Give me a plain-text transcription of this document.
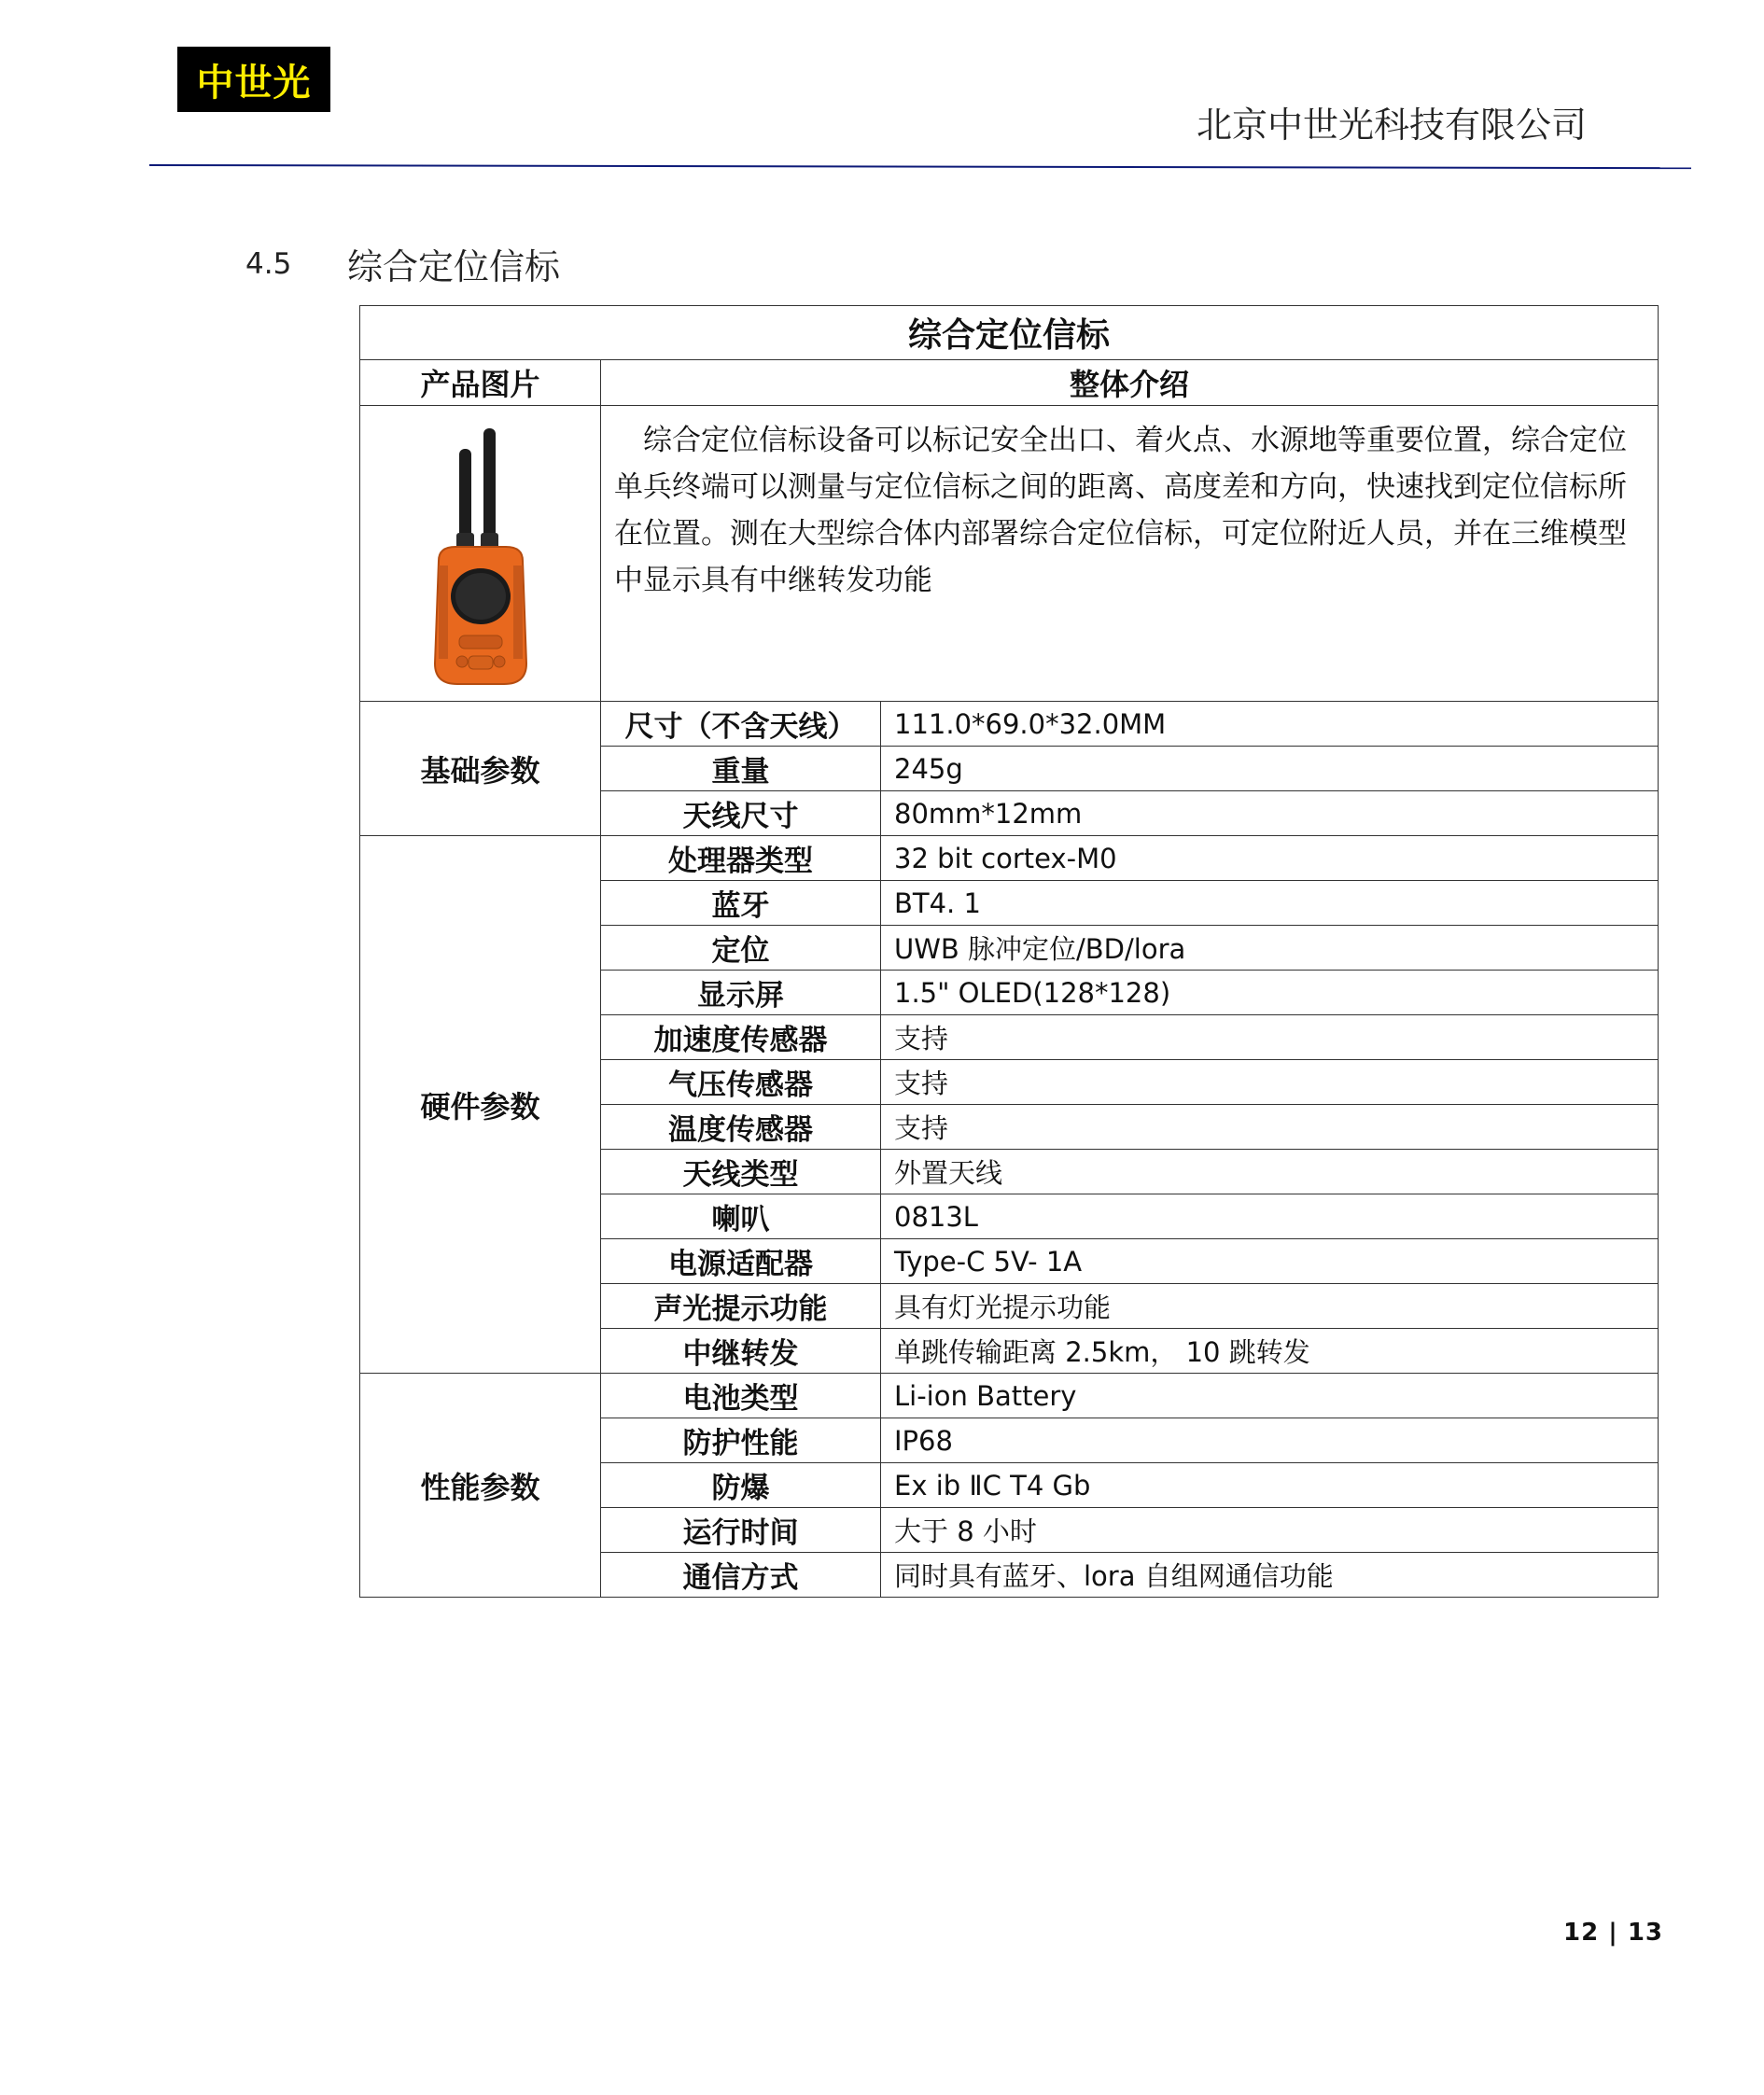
中世光
北京中世光科技有限公司
4.5 综合定位信标
综合定位信标		
产品图片	整体介绍	

综合定位信标设备可以标记安全出口、着火点、水源地等重要位置，综合定位单兵终端可以测量与定位信标之间的距离、高度差和方向，快速找到定位信标所在位置。测在大型综合体内部署综合定位信标，可定位附近人员，并在三维模型中显示具有中继转发功能	

基础参数	尺寸（不含天线）	111.0*69.0*32.0MM
	重量	245g
	天线尺寸	80mm*12mm
硬件参数	处理器类型	32 bit cortex-M0
	蓝牙	BT4. 1
	定位	UWB 脉冲定位/BD/lora
	显示屏	1.5" OLED(128*128)
	加速度传感器	支持
	气压传感器	支持
	温度传感器	支持
	天线类型	外置天线
	喇叭	0813L
	电源适配器	Type-C 5V- 1A
	声光提示功能	具有灯光提示功能
	中继转发	单跳传输距离 2.5km， 10 跳转发
性能参数	电池类型	Li-ion Battery
	防护性能	IP68
	防爆	Ex ib ⅡC T4 Gb
	运行时间	大于 8 小时
	通信方式	同时具有蓝牙、lora 自组网通信功能
12 | 13
